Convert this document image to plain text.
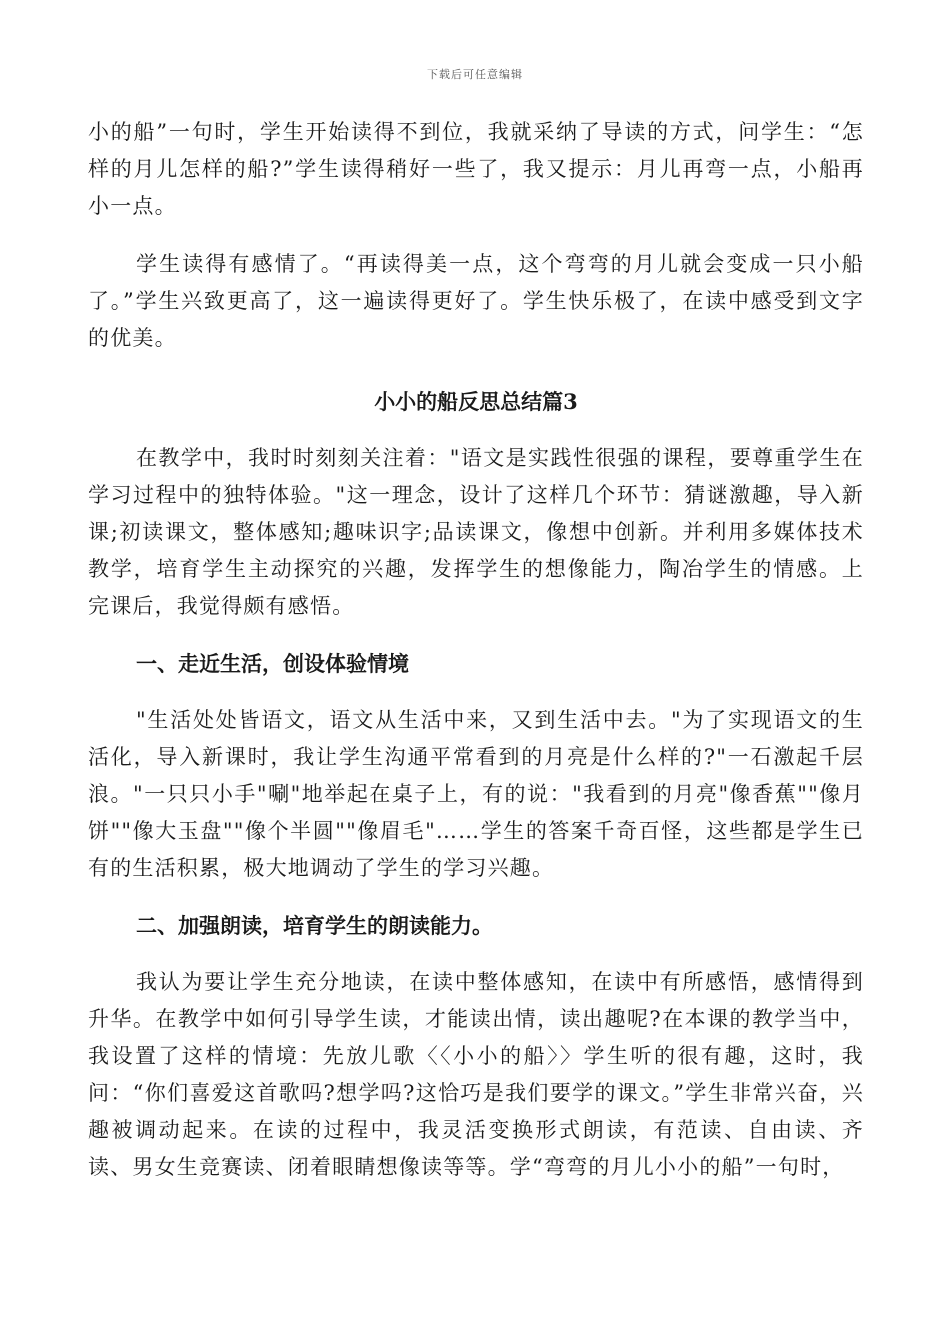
下载后可任意编辑

小的船”一句时，学生开始读得不到位，我就采纳了导读的方式，问学生：“怎样的月儿怎样的船?”学生读得稍好一些了，我又提示：月儿再弯一点，小船再小一点。

学生读得有感情了。“再读得美一点，这个弯弯的月儿就会变成一只小船了。”学生兴致更高了，这一遍读得更好了。学生快乐极了，在读中感受到文字的优美。

小小的船反思总结篇3

在教学中，我时时刻刻关注着："语文是实践性很强的课程，要尊重学生在学习过程中的独特体验。"这一理念，设计了这样几个环节：猜谜激趣，导入新课;初读课文，整体感知;趣味识字;品读课文，像想中创新。并利用多媒体技术教学，培育学生主动探究的兴趣，发挥学生的想像能力，陶冶学生的情感。上完课后，我觉得颇有感悟。

一、走近生活，创设体验情境

"生活处处皆语文，语文从生活中来，又到生活中去。"为了实现语文的生活化，导入新课时，我让学生沟通平常看到的月亮是什么样的?"一石激起千层浪。"一只只小手"唰"地举起在桌子上，有的说："我看到的月亮"像香蕉""像月饼""像大玉盘""像个半圆""像眉毛"……学生的答案千奇百怪，这些都是学生已有的生活积累，极大地调动了学生的学习兴趣。

二、加强朗读，培育学生的朗读能力。

我认为要让学生充分地读，在读中整体感知，在读中有所感悟，感情得到升华。在教学中如何引导学生读，才能读出情，读出趣呢?在本课的教学当中，我设置了这样的情境：先放儿歌〈〈小小的船〉〉学生听的很有趣，这时，我问：“你们喜爱这首歌吗?想学吗?这恰巧是我们要学的课文。”学生非常兴奋，兴趣被调动起来。在读的过程中，我灵活变换形式朗读，有范读、自由读、齐读、男女生竞赛读、闭着眼睛想像读等等。学“弯弯的月儿小小的船”一句时，
